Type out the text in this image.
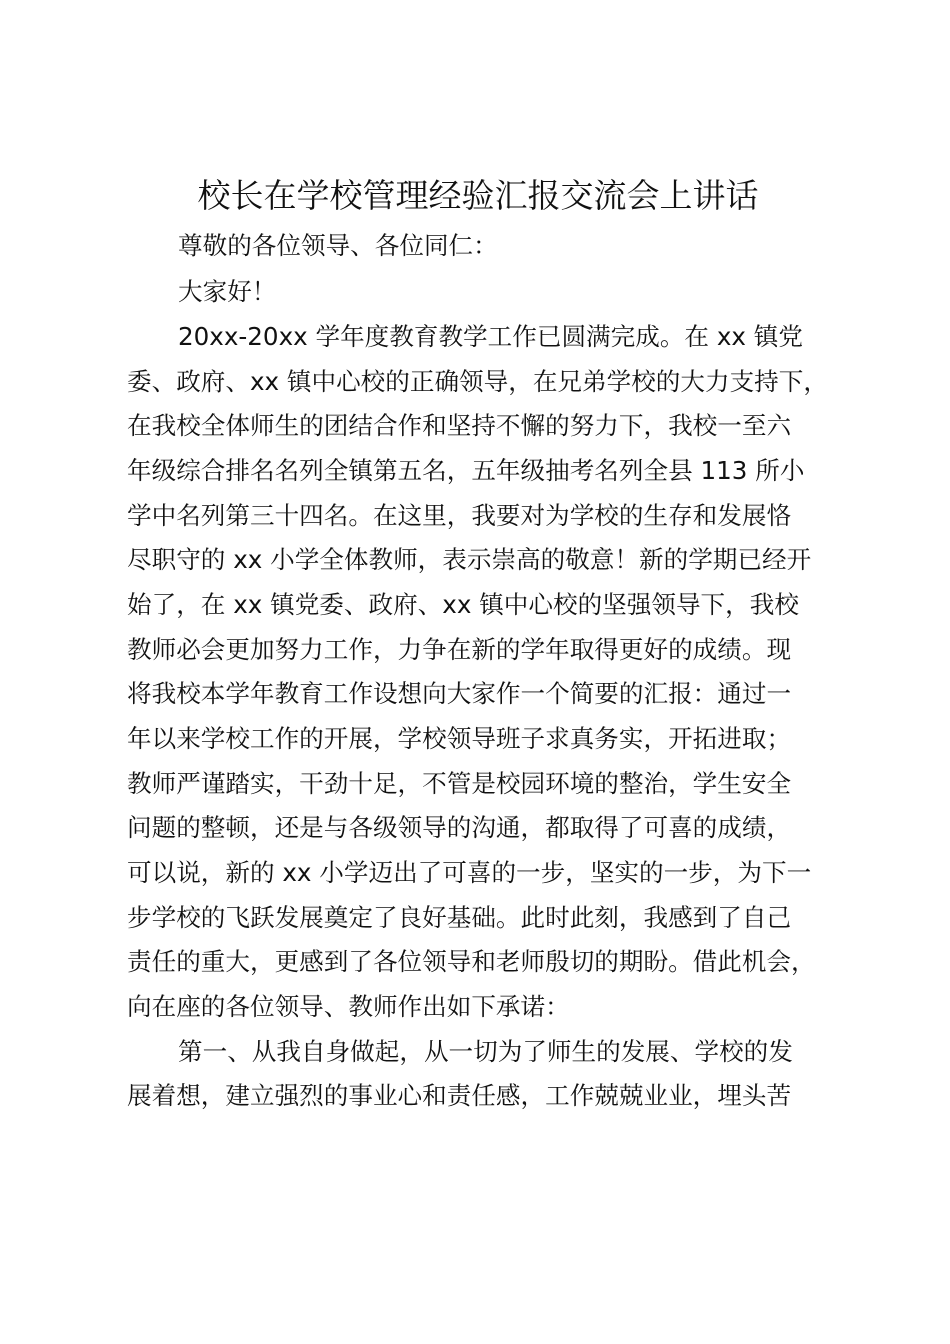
校长在学校管理经验汇报交流会上讲话
尊敬的各位领导、各位同仁：
大家好！
20xx-20xx 学年度教育教学工作已圆满完成。在 xx 镇党
委、政府、xx 镇中心校的正确领导，在兄弟学校的大力支持下，
在我校全体师生的团结合作和坚持不懈的努力下，我校一至六
年级综合排名名列全镇第五名，五年级抽考名列全县 113 所小
学中名列第三十四名。在这里，我要对为学校的生存和发展恪
尽职守的 xx 小学全体教师，表示崇高的敬意！新的学期已经开
始了，在 xx 镇党委、政府、xx 镇中心校的坚强领导下，我校
教师必会更加努力工作，力争在新的学年取得更好的成绩。现
将我校本学年教育工作设想向大家作一个简要的汇报：通过一
年以来学校工作的开展，学校领导班子求真务实，开拓进取；
教师严谨踏实，干劲十足，不管是校园环境的整治，学生安全
问题的整顿，还是与各级领导的沟通，都取得了可喜的成绩，
可以说，新的 xx 小学迈出了可喜的一步，坚实的一步，为下一
步学校的飞跃发展奠定了良好基础。此时此刻，我感到了自己
责任的重大，更感到了各位领导和老师殷切的期盼。借此机会，
向在座的各位领导、教师作出如下承诺：
第一、从我自身做起，从一切为了师生的发展、学校的发
展着想，建立强烈的事业心和责任感，工作兢兢业业，埋头苦
